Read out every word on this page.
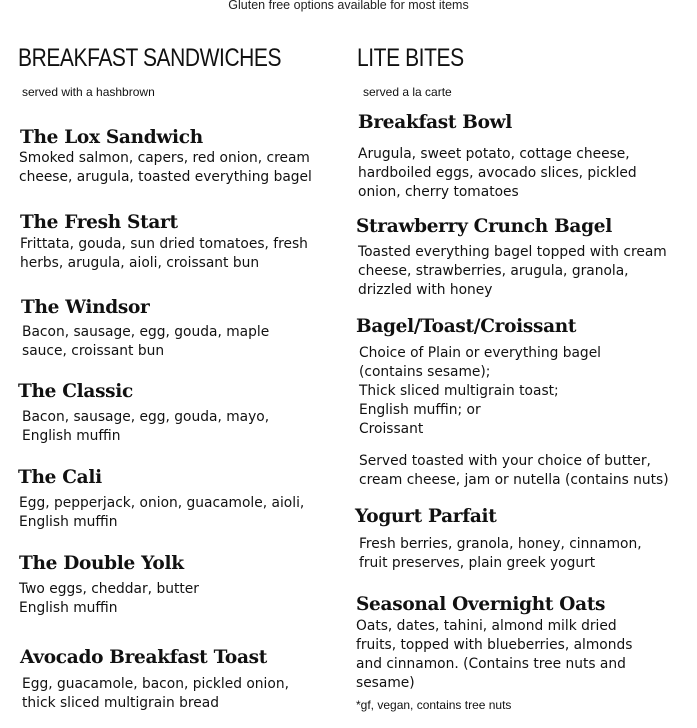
Gluten free options available for most items
BREAKFAST SANDWICHES
served with a hashbrown
The Lox Sandwich
Smoked salmon, capers, red onion, cream
cheese, arugula, toasted everything bagel
The Fresh Start
Frittata, gouda, sun dried tomatoes, fresh
herbs, arugula, aioli, croissant bun
The Windsor
Bacon, sausage, egg, gouda, maple
sauce, croissant bun
The Classic
Bacon, sausage, egg, gouda, mayo,
English muffin
The Cali
Egg, pepperjack, onion, guacamole, aioli,
English muffin
The Double Yolk
Two eggs, cheddar, butter
English muffin
Avocado Breakfast Toast
Egg, guacamole, bacon, pickled onion,
thick sliced multigrain bread
LITE BITES
served a la carte
Breakfast Bowl
Arugula, sweet potato, cottage cheese,
hardboiled eggs, avocado slices, pickled
onion, cherry tomatoes
Strawberry Crunch Bagel
Toasted everything bagel topped with cream
cheese, strawberries, arugula, granola,
drizzled with honey
Bagel/Toast/Croissant
Choice of Plain or everything bagel
(contains sesame);
Thick sliced multigrain toast;
English muffin; or
Croissant
Served toasted with your choice of butter,
cream cheese, jam or nutella (contains nuts)
Yogurt Parfait
Fresh berries, granola, honey, cinnamon,
fruit preserves, plain greek yogurt
Seasonal Overnight Oats
Oats, dates, tahini, almond milk dried
fruits, topped with blueberries, almonds
and cinnamon. (Contains tree nuts and
sesame)
*gf, vegan, contains tree nuts
